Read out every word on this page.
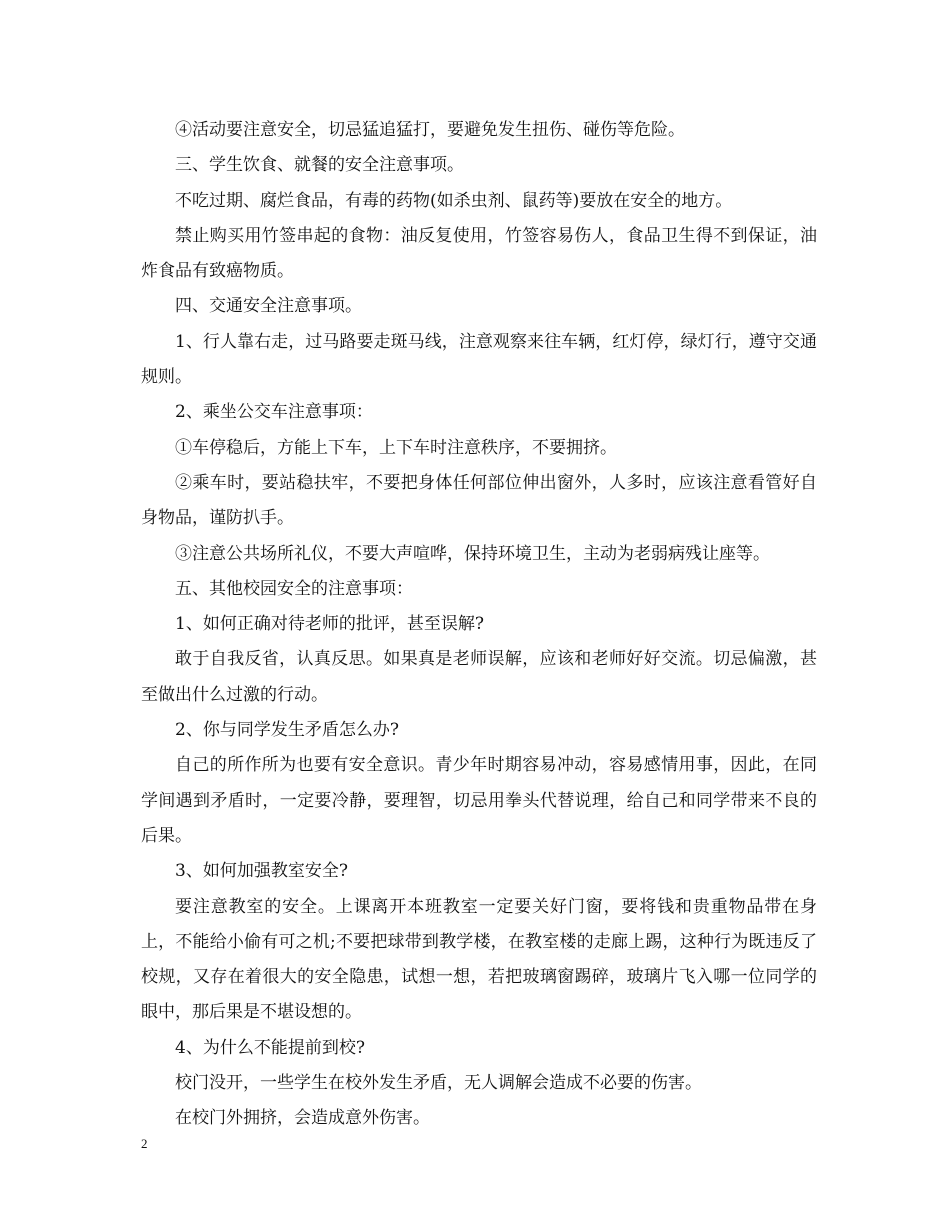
④活动要注意安全，切忌猛追猛打，要避免发生扭伤、碰伤等危险。

三、学生饮食、就餐的安全注意事项。

不吃过期、腐烂食品，有毒的药物(如杀虫剂、鼠药等)要放在安全的地方。

禁止购买用竹签串起的食物：油反复使用，竹签容易伤人，食品卫生得不到保证，油炸食品有致癌物质。

四、交通安全注意事项。

1、行人靠右走，过马路要走斑马线，注意观察来往车辆，红灯停，绿灯行，遵守交通规则。

2、乘坐公交车注意事项：

①车停稳后，方能上下车，上下车时注意秩序，不要拥挤。

②乘车时，要站稳扶牢，不要把身体任何部位伸出窗外，人多时，应该注意看管好自身物品，谨防扒手。

③注意公共场所礼仪，不要大声喧哗，保持环境卫生，主动为老弱病残让座等。

五、其他校园安全的注意事项：

1、如何正确对待老师的批评，甚至误解?

敢于自我反省，认真反思。如果真是老师误解，应该和老师好好交流。切忌偏激，甚至做出什么过激的行动。

2、你与同学发生矛盾怎么办?

自己的所作所为也要有安全意识。青少年时期容易冲动，容易感情用事，因此，在同学间遇到矛盾时，一定要冷静，要理智，切忌用拳头代替说理，给自己和同学带来不良的后果。

3、如何加强教室安全?

要注意教室的安全。上课离开本班教室一定要关好门窗，要将钱和贵重物品带在身上，不能给小偷有可之机;不要把球带到教学楼，在教室楼的走廊上踢，这种行为既违反了校规，又存在着很大的安全隐患，试想一想，若把玻璃窗踢碎，玻璃片飞入哪一位同学的眼中，那后果是不堪设想的。

4、为什么不能提前到校?

校门没开，一些学生在校外发生矛盾，无人调解会造成不必要的伤害。

在校门外拥挤，会造成意外伤害。

2
